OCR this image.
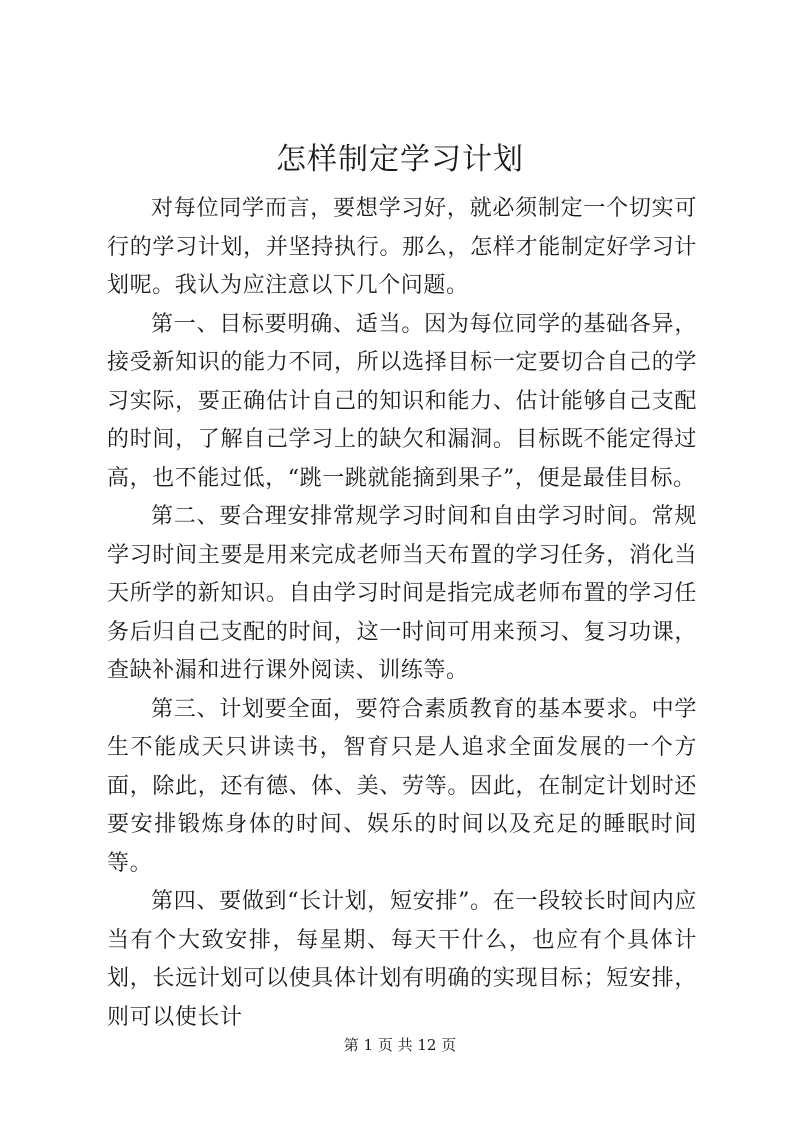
怎样制定学习计划

对每位同学而言，要想学习好，就必须制定一个切实可行的学习计划，并坚持执行。那么，怎样才能制定好学习计划呢。我认为应注意以下几个问题。

第一、目标要明确、适当。因为每位同学的基础各异，接受新知识的能力不同，所以选择目标一定要切合自己的学习实际，要正确估计自己的知识和能力、估计能够自己支配的时间，了解自己学习上的缺欠和漏洞。目标既不能定得过高，也不能过低，“跳一跳就能摘到果子”，便是最佳目标。

第二、要合理安排常规学习时间和自由学习时间。常规学习时间主要是用来完成老师当天布置的学习任务，消化当天所学的新知识。自由学习时间是指完成老师布置的学习任务后归自己支配的时间，这一时间可用来预习、复习功课，查缺补漏和进行课外阅读、训练等。

第三、计划要全面，要符合素质教育的基本要求。中学生不能成天只讲读书，智育只是人追求全面发展的一个方面，除此，还有德、体、美、劳等。因此，在制定计划时还要安排锻炼身体的时间、娱乐的时间以及充足的睡眠时间等。

第四、要做到“长计划，短安排”。在一段较长时间内应当有个大致安排，每星期、每天干什么，也应有个具体计划，长远计划可以使具体计划有明确的实现目标；短安排，则可以使长计

第 1 页 共 12 页
